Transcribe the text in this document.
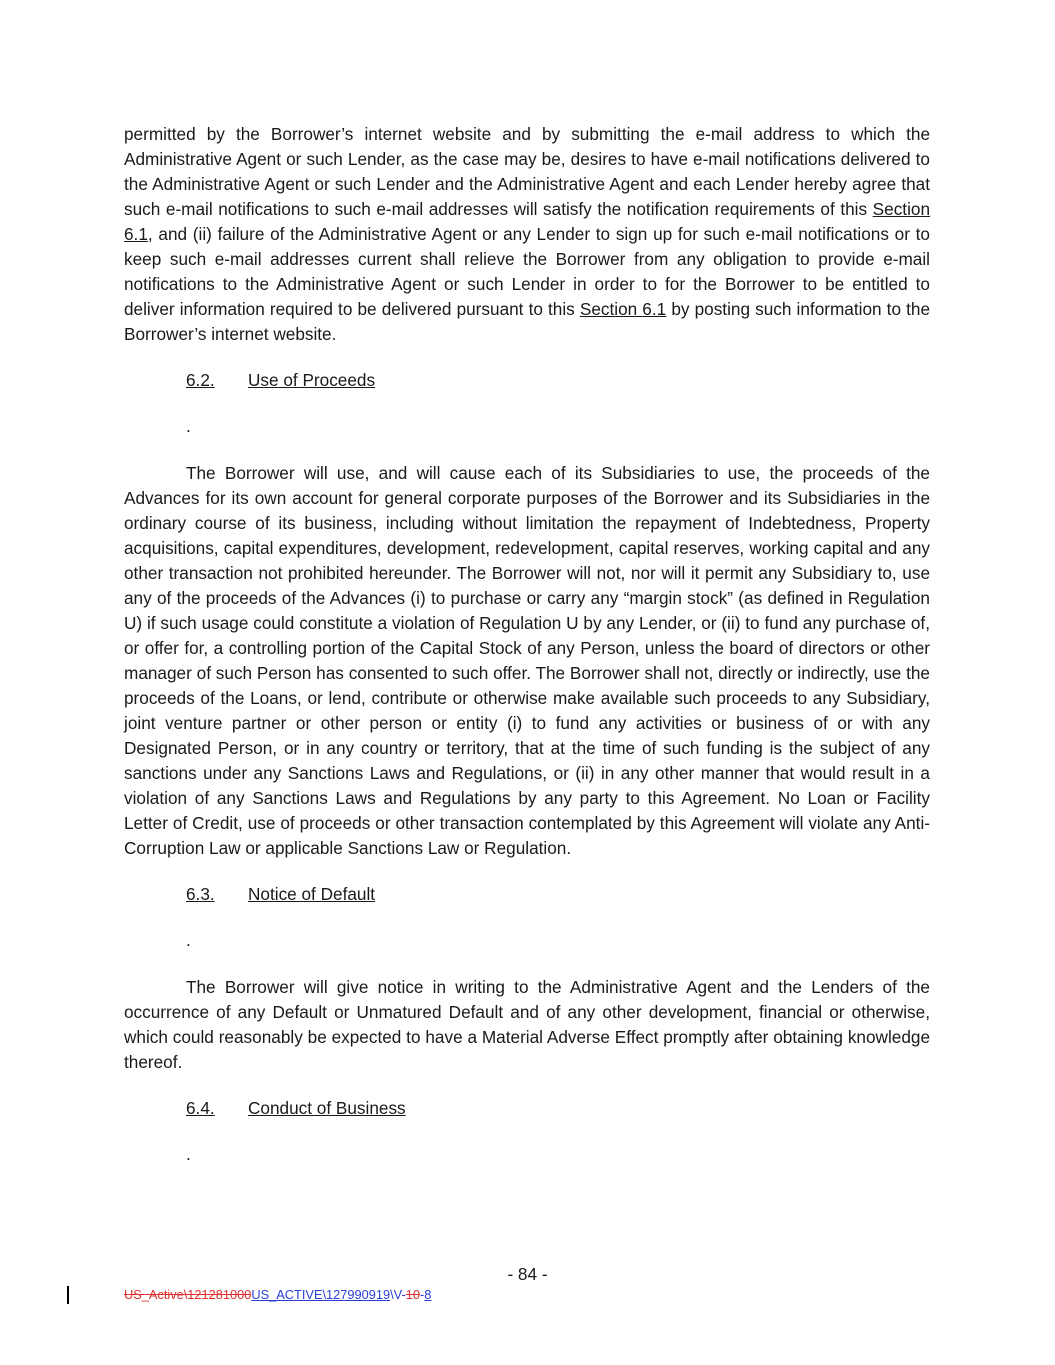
permitted by the Borrower’s internet website and by submitting the e-mail address to which the Administrative Agent or such Lender, as the case may be, desires to have e-mail notifications delivered to the Administrative Agent or such Lender and the Administrative Agent and each Lender hereby agree that such e-mail notifications to such e-mail addresses will satisfy the notification requirements of this Section 6.1, and (ii) failure of the Administrative Agent or any Lender to sign up for such e-mail notifications or to keep such e-mail addresses current shall relieve the Borrower from any obligation to provide e-mail notifications to the Administrative Agent or such Lender in order to for the Borrower to be entitled to deliver information required to be delivered pursuant to this Section 6.1 by posting such information to the Borrower’s internet website.

6.2. Use of Proceeds
.

The Borrower will use, and will cause each of its Subsidiaries to use, the proceeds of the Advances for its own account for general corporate purposes of the Borrower and its Subsidiaries in the ordinary course of its business, including without limitation the repayment of Indebtedness, Property acquisitions, capital expenditures, development, redevelopment, capital reserves, working capital and any other transaction not prohibited hereunder. The Borrower will not, nor will it permit any Subsidiary to, use any of the proceeds of the Advances (i) to purchase or carry any “margin stock” (as defined in Regulation U) if such usage could constitute a violation of Regulation U by any Lender, or (ii) to fund any purchase of, or offer for, a controlling portion of the Capital Stock of any Person, unless the board of directors or other manager of such Person has consented to such offer. The Borrower shall not, directly or indirectly, use the proceeds of the Loans, or lend, contribute or otherwise make available such proceeds to any Subsidiary, joint venture partner or other person or entity (i) to fund any activities or business of or with any Designated Person, or in any country or territory, that at the time of such funding is the subject of any sanctions under any Sanctions Laws and Regulations, or (ii) in any other manner that would result in a violation of any Sanctions Laws and Regulations by any party to this Agreement. No Loan or Facility Letter of Credit, use of proceeds or other transaction contemplated by this Agreement will violate any Anti-Corruption Law or applicable Sanctions Law or Regulation.

6.3. Notice of Default
.

The Borrower will give notice in writing to the Administrative Agent and the Lenders of the occurrence of any Default or Unmatured Default and of any other development, financial or otherwise, which could reasonably be expected to have a Material Adverse Effect promptly after obtaining knowledge thereof.

6.4. Conduct of Business
.
- 84 -
US_Active\121281000US_ACTIVE\127990919\V-10-8
